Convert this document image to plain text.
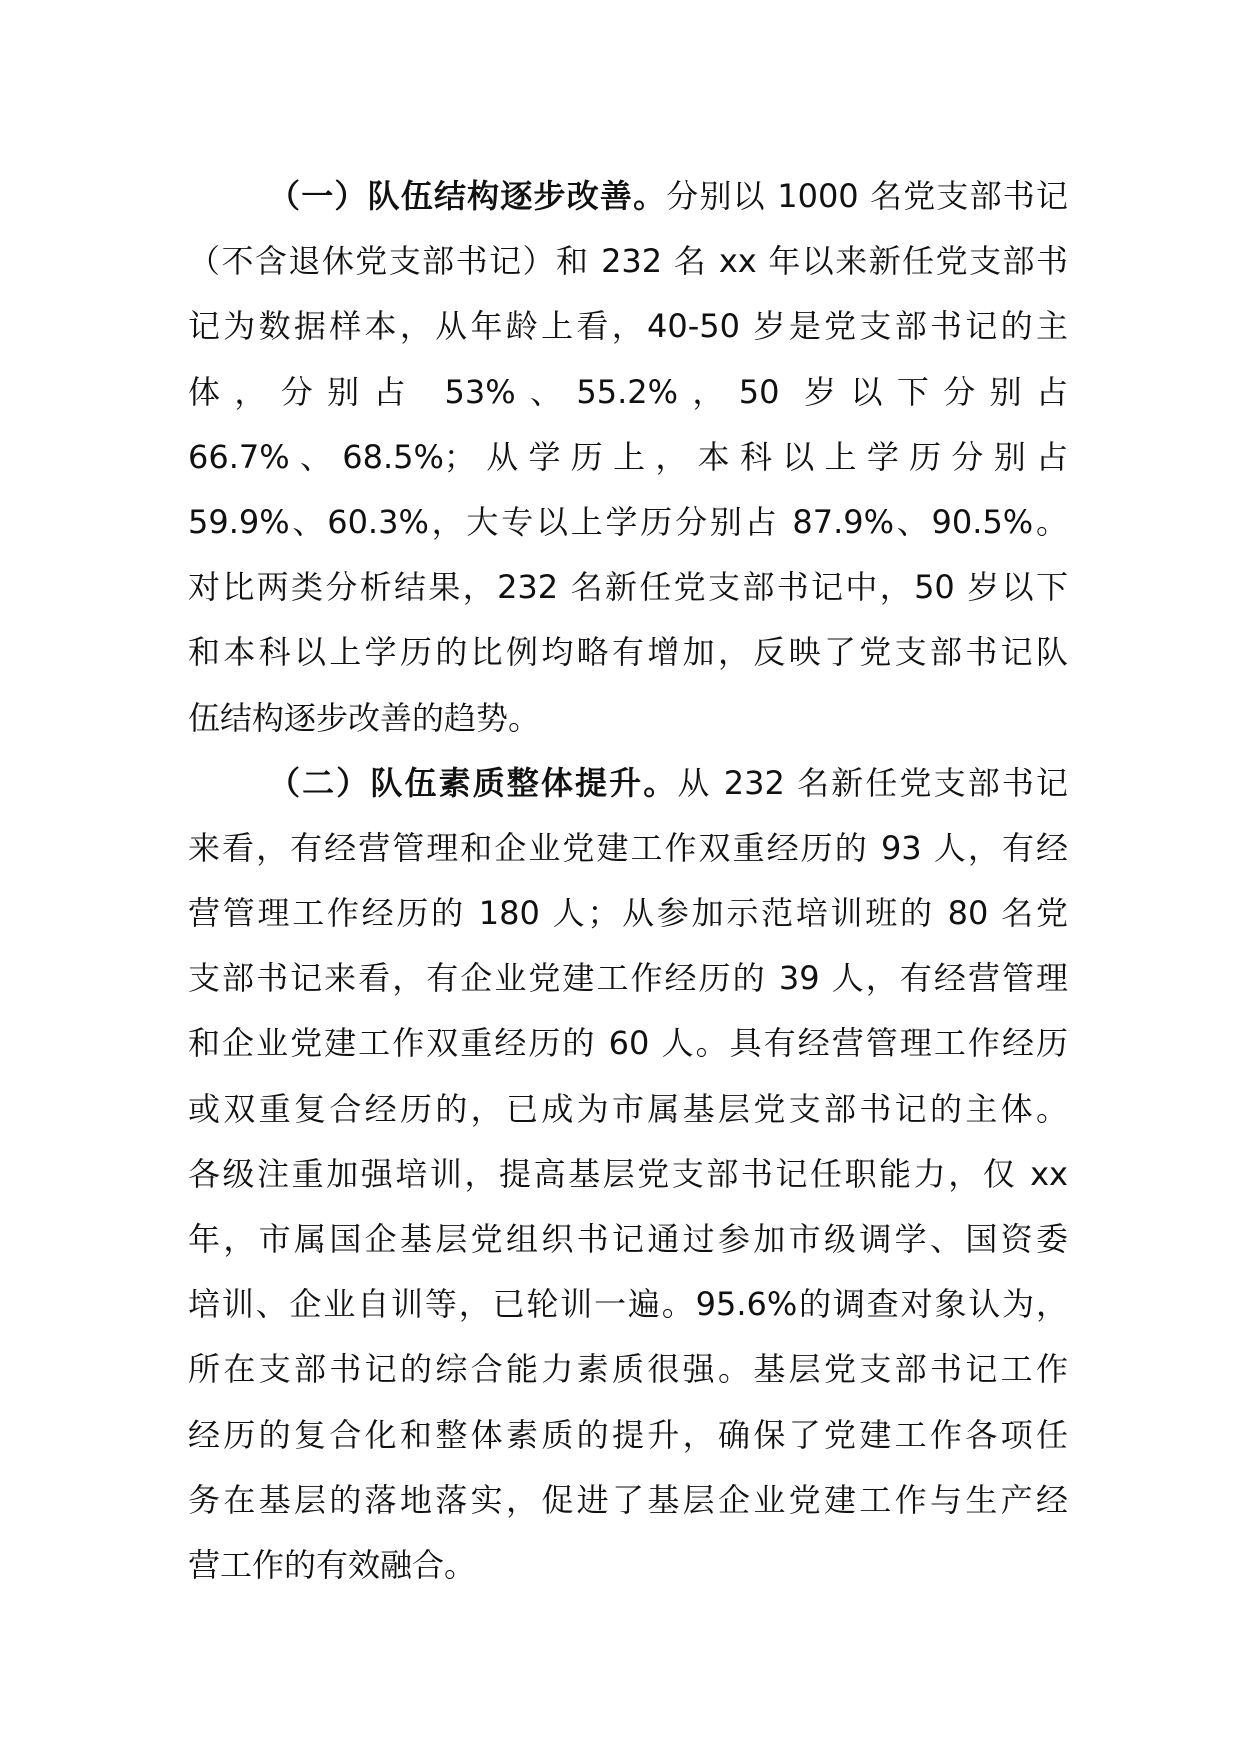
（一）队伍结构逐步改善。分别以 1000 名党支部书记
（不含退休党支部书记）和 232 名 xx 年以来新任党支部书
记为数据样本，从年龄上看，40-50 岁是党支部书记的主
体，分别占 53%、55.2%，50 岁以下分别占
66.7%、68.5%；从学历上，本科以上学历分别占
59.9%、60.3%，大专以上学历分别占 87.9%、90.5%。
对比两类分析结果，232 名新任党支部书记中，50 岁以下
和本科以上学历的比例均略有增加，反映了党支部书记队
伍结构逐步改善的趋势。
（二）队伍素质整体提升。从 232 名新任党支部书记
来看，有经营管理和企业党建工作双重经历的 93 人，有经
营管理工作经历的 180 人；从参加示范培训班的 80 名党
支部书记来看，有企业党建工作经历的 39 人，有经营管理
和企业党建工作双重经历的 60 人。具有经营管理工作经历
或双重复合经历的，已成为市属基层党支部书记的主体。
各级注重加强培训，提高基层党支部书记任职能力，仅 xx
年，市属国企基层党组织书记通过参加市级调学、国资委
培训、企业自训等，已轮训一遍。95.6%的调查对象认为，
所在支部书记的综合能力素质很强。基层党支部书记工作
经历的复合化和整体素质的提升，确保了党建工作各项任
务在基层的落地落实，促进了基层企业党建工作与生产经
营工作的有效融合。
